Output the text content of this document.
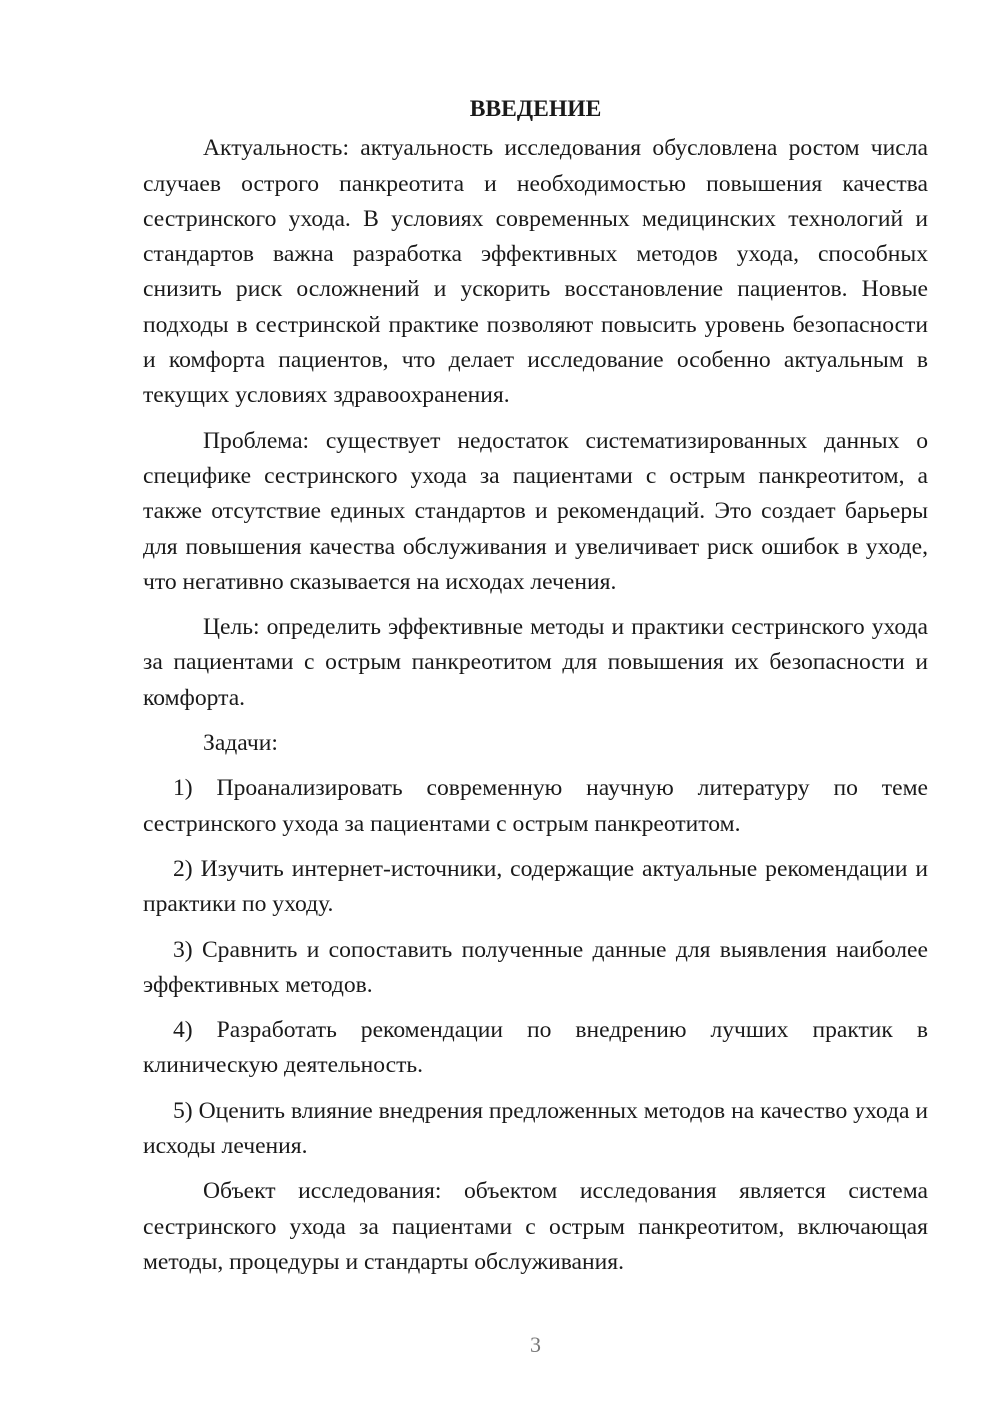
ВВЕДЕНИЕ

Актуальность: актуальность исследования обусловлена ростом числа случаев острого панкреотита и необходимостью повышения качества сестринского ухода. В условиях современных медицинских технологий и стандартов важна разработка эффективных методов ухода, способных снизить риск осложнений и ускорить восстановление пациентов. Новые подходы в сестринской практике позволяют повысить уровень безопасности и комфорта пациентов, что делает исследование особенно актуальным в текущих условиях здравоохранения.

Проблема: существует недостаток систематизированных данных о специфике сестринского ухода за пациентами с острым панкреотитом, а также отсутствие единых стандартов и рекомендаций. Это создает барьеры для повышения качества обслуживания и увеличивает риск ошибок в уходе, что негативно сказывается на исходах лечения.

Цель: определить эффективные методы и практики сестринского ухода за пациентами с острым панкреотитом для повышения их безопасности и комфорта.

Задачи:

1) Проанализировать современную научную литературу по теме сестринского ухода за пациентами с острым панкреотитом.

2) Изучить интернет-источники, содержащие актуальные рекомендации и практики по уходу.

3) Сравнить и сопоставить полученные данные для выявления наиболее эффективных методов.

4) Разработать рекомендации по внедрению лучших практик в клиническую деятельность.

5) Оценить влияние внедрения предложенных методов на качество ухода и исходы лечения.

Объект исследования: объектом исследования является система сестринского ухода за пациентами с острым панкреотитом, включающая методы, процедуры и стандарты обслуживания.

3
